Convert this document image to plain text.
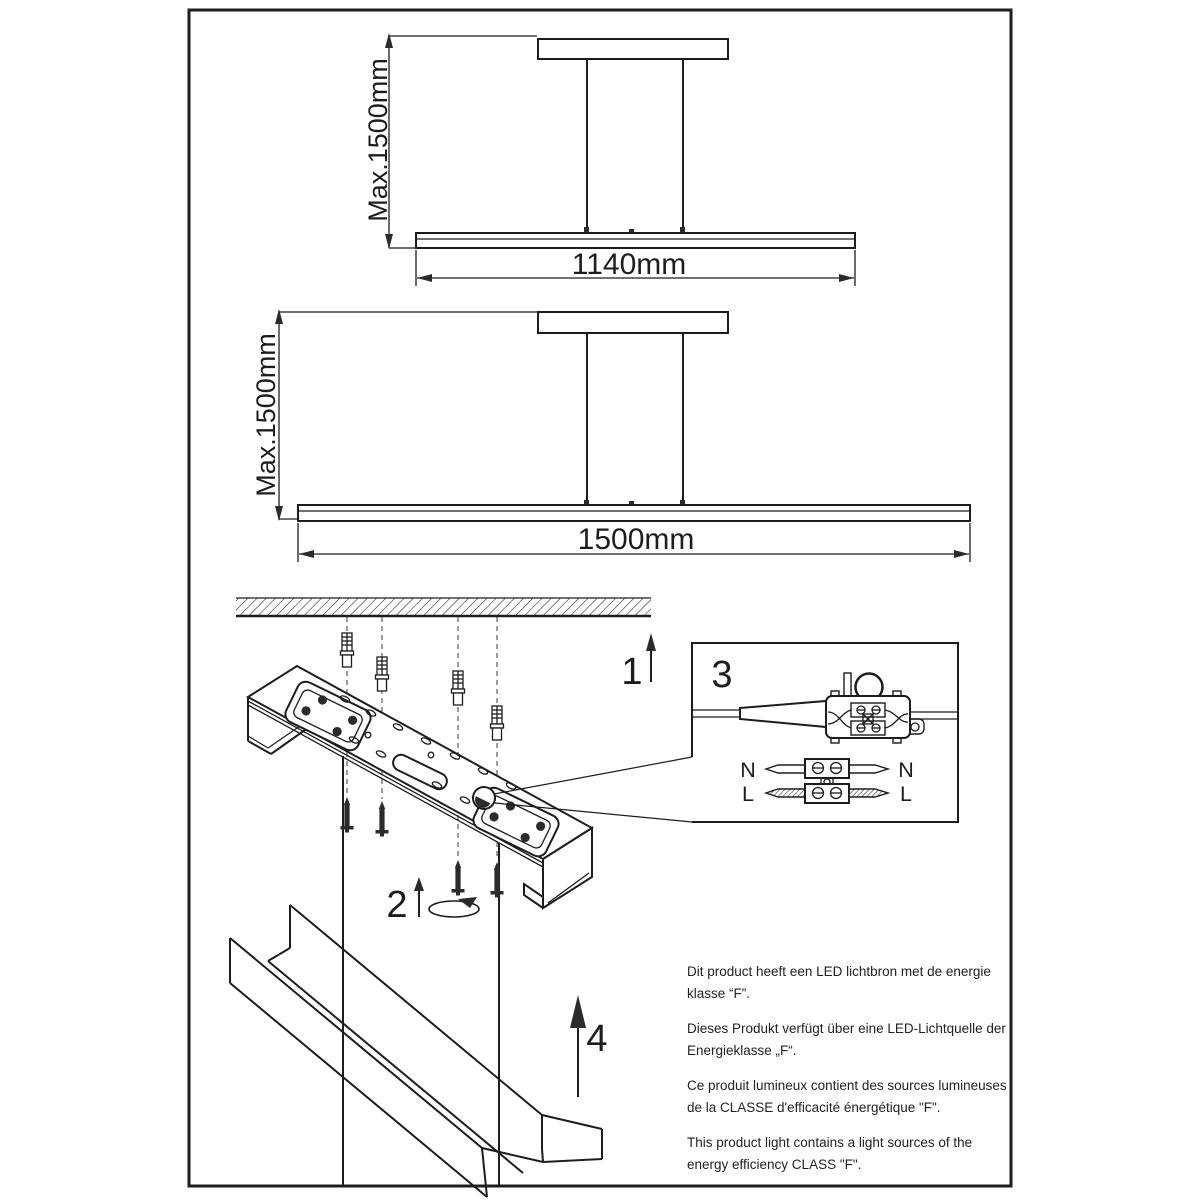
Max.1500mm
1140mm
Max.1500mm
1500mm
1
2
4
3
N	N
L	L

Dit product heeft een LED lichtbron met de energie
klasse “F”.

Dieses Produkt verfügt über eine LED-Lichtquelle der
Energieklasse „F“.

Ce produit lumineux contient des sources lumineuses
de la CLASSE d'efficacité énergétique "F".

This product light contains a light sources of the
energy efficiency CLASS "F".
